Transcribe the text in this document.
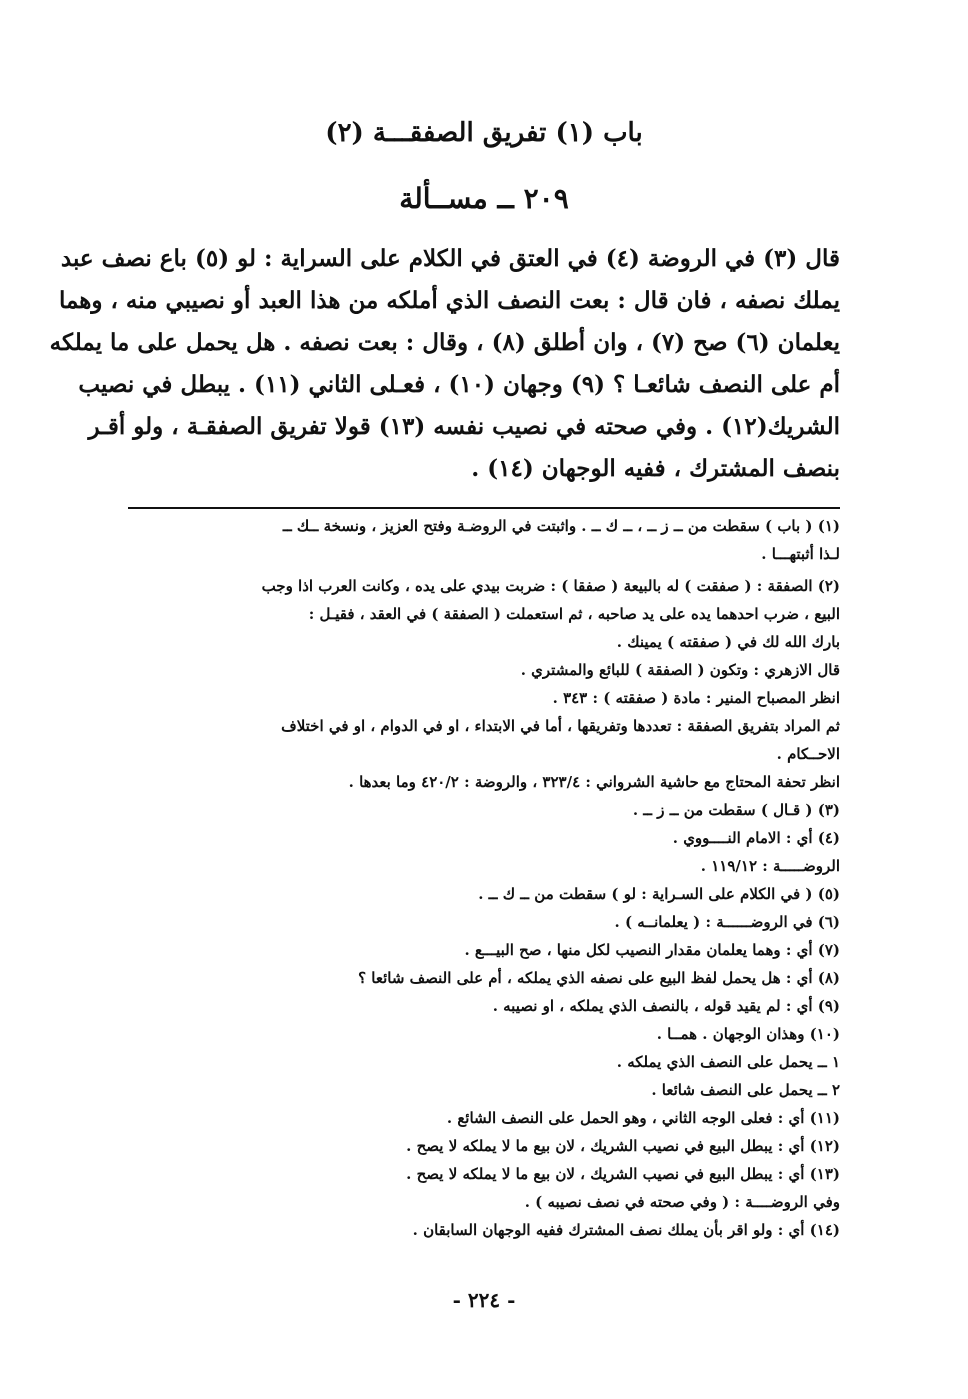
باب (١) تفريق الصفقـــة (٢)
٢٠٩ ــ مســألة

قال (٣) في الروضة (٤) في العتق في الكلام على السراية : لو (٥) باع نصف عبد

يملك نصفه ، فان قال : بعت النصف الذي أملكه من هذا العبد أو نصيبي منه ، وهما

يعلمان (٦) صح (٧) ، وان أطلق (٨) ، وقال : بعت نصفه . هل يحمل على ما يملكه

أم على النصف شائعـا ؟ (٩) وجهان (١٠) ، فعـلى الثاني (١١) . يبطل في نصيب

الشريك(١٢) . وفي صحته في نصيب نفسه (١٣) قولا تفريق الصفقـة ، ولو أقـر

بنصف المشترك ، ففيه الوجهان (١٤) .

(١) ( باب ) سقطت من ــ ز ــ ، ــ ك ــ . واثبتت في الروضـة وفتح العزيز ، ونسخة ــك ــ

لـذا أثبتهـــا .

(٢) الصفقة : ( صفقت ) له بالبيعة ( صفقا ) : ضربت بيدي على يده ، وكانت العرب اذا وجب

البيع ، ضرب احدهما يده على يد صاحبه ، ثم استعملت ( الصفقة ) في العقد ، فقيـل :

بارك الله لك في ( صفقته ) يمينك .

قال الازهري : وتكون ( الصفقة ) للبائع والمشتري .

انظر المصباح المنير : مادة ( صفقته ) : ٣٤٣ .

ثم المراد بتفريق الصفقة : تعددها وتفريقها ، أما في الابتداء ، او في الدوام ، او في اختلاف

الاحــكام .

انظر تحفة المحتاج مع حاشية الشرواني : ٣٢٣/٤ ، والروضة : ٤٢٠/٢ وما بعدها .

(٣) ( قـال ) سقطت من ــ ز ــ .

(٤) أي : الامام النــــووي .

الروضـــــة : ١١٩/١٢ .

(٥) ( في الكلام على السـراية : لو ) سقطت من ــ ك ــ .

(٦) في الروضــــــة : ( يعلمانــه ) .

(٧) أي : وهما يعلمان مقدار النصيب لكل منها ، صح البيـــع .

(٨) أي : هل يحمل لفظ البيع على نصفه الذي يملكه ، أم على النصف شائعا ؟

(٩) أي : لم يقيد قوله ، بالنصف الذي يملكه ، او نصيبه .

(١٠) وهذان الوجهان . همــا .

١ ــ يحمل على النصف الذي يملكه .

٢ ــ يحمل على النصف شائعا .

(١١) أي : فعلى الوجه الثاني ، وهو الحمل على النصف الشائع .

(١٢) أي : يبطل البيع في نصيب الشريك ، لان بيع ما لا يملكه لا يصح .

(١٣) أي : يبطل البيع في نصيب الشريك ، لان بيع ما لا يملكه لا يصح .

وفي الروضــــة : ( وفي صحته في نصف نصيبه ) .

(١٤) أي : ولو اقر بأن يملك نصف المشترك ففيه الوجهان السابقان .

- ٢٢٤ -
